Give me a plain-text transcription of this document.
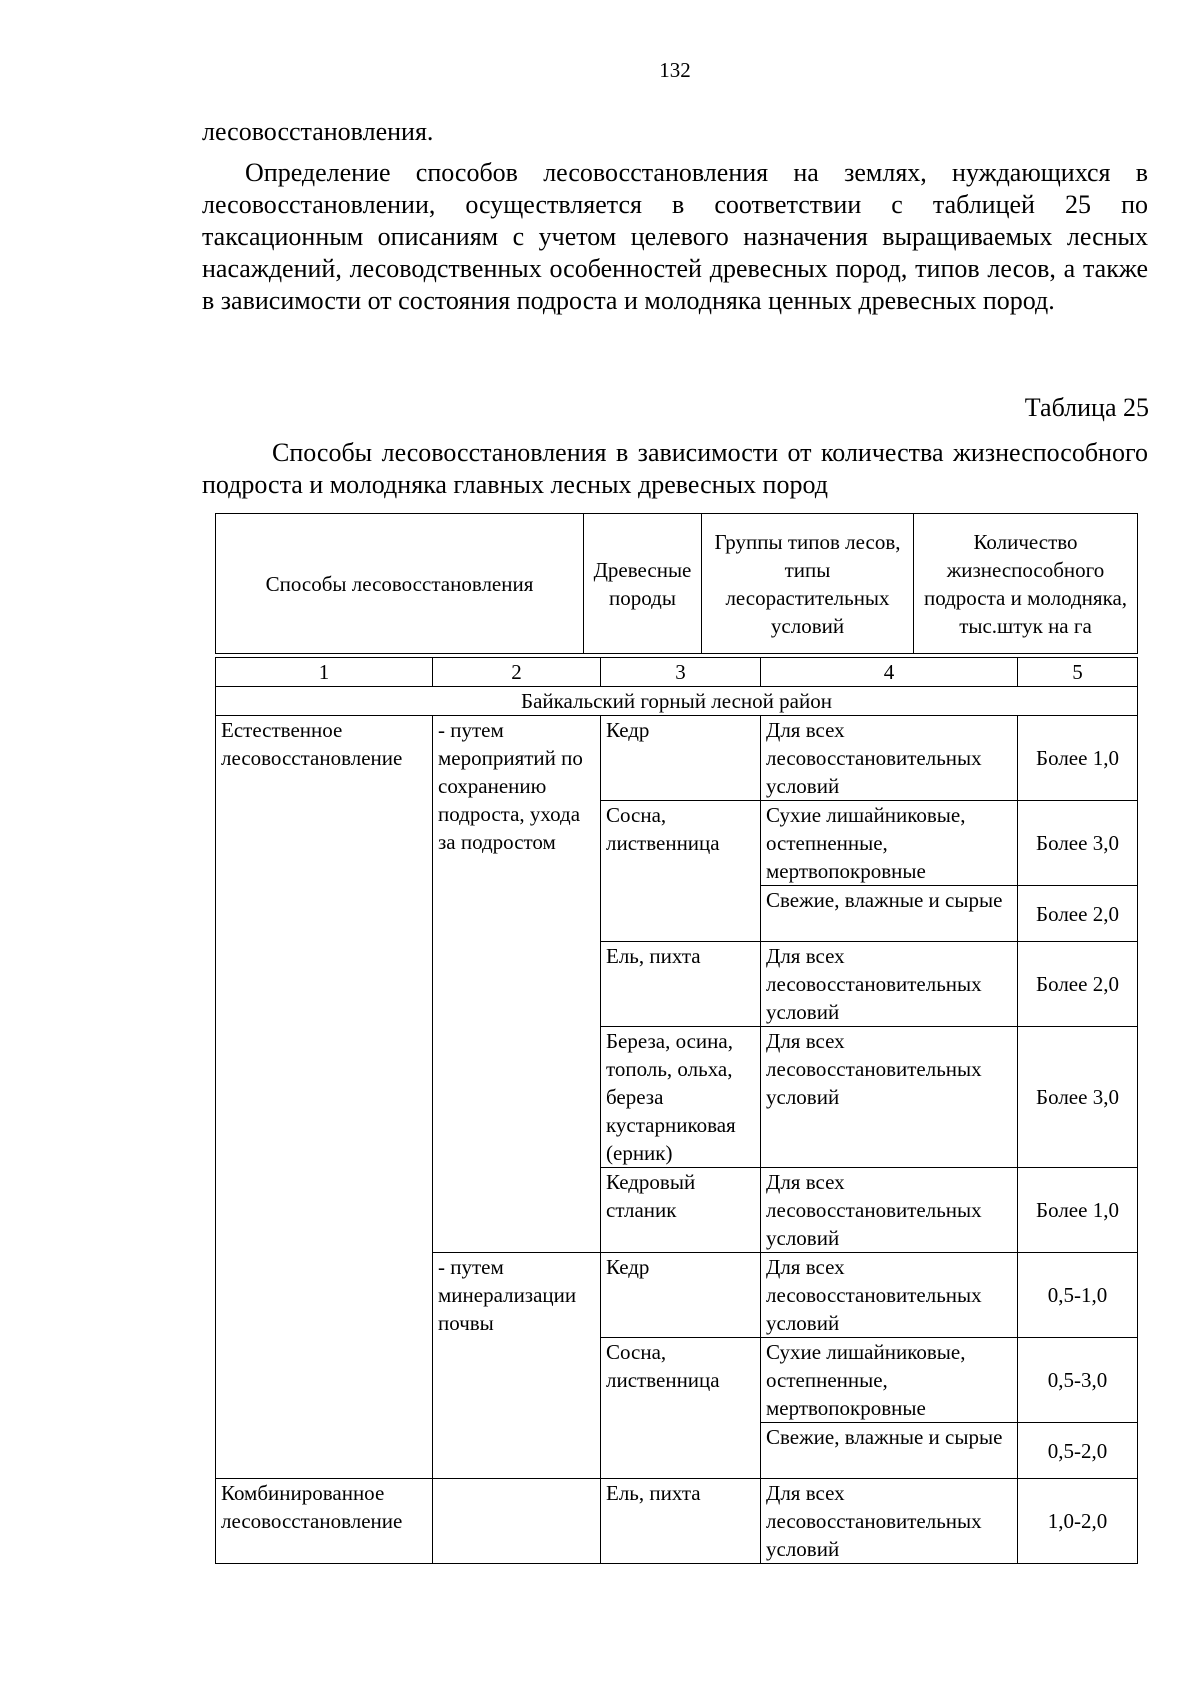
132
лесовосстановления.
Определение способов лесовосстановления на землях, нуждающихся в лесовосстановлении, осуществляется в соответствии с таблицей 25 по таксационным описаниям с учетом целевого назначения выращиваемых лесных насаждений, лесоводственных особенностей древесных пород, типов лесов, а также в зависимости от состояния подроста и молодняка ценных древесных пород.
Таблица 25
Способы лесовосстановления в зависимости от количества жизнеспособного подроста и молодняка главных лесных древесных пород
Способы лесовосстановления	Древесные породы	Группы типов лесов, типы лесорастительных условий	Количество жизнеспособного подроста и молодняка, тыс.штук на га
1	2	3	4	5
Байкальский горный лесной район				
Естественное лесовосстановление	- путем мероприятий по сохранению подроста, ухода за подростом	Кедр	Для всех лесовосстановительных условий	Более 1,0
		Сосна, лиственница	Сухие лишайниковые, остепненные, мертвопокровные	Более 3,0
			Свежие, влажные и сырые	Более 2,0
		Ель, пихта	Для всех лесовосстановительных условий	Более 2,0
		Береза, осина, тополь, ольха, береза кустарниковая (ерник)	Для всех лесовосстановительных условий	Более 3,0
		Кедровый стланик	Для всех лесовосстановительных условий	Более 1,0
	- путем минерализации почвы	Кедр	Для всех лесовосстановительных условий	0,5-1,0
		Сосна, лиственница	Сухие лишайниковые, остепненные, мертвопокровные	0,5-3,0
			Свежие, влажные и сырые	0,5-2,0
Комбинированное лесовосстановление		Ель, пихта	Для всех лесовосстановительных условий	1,0-2,0
